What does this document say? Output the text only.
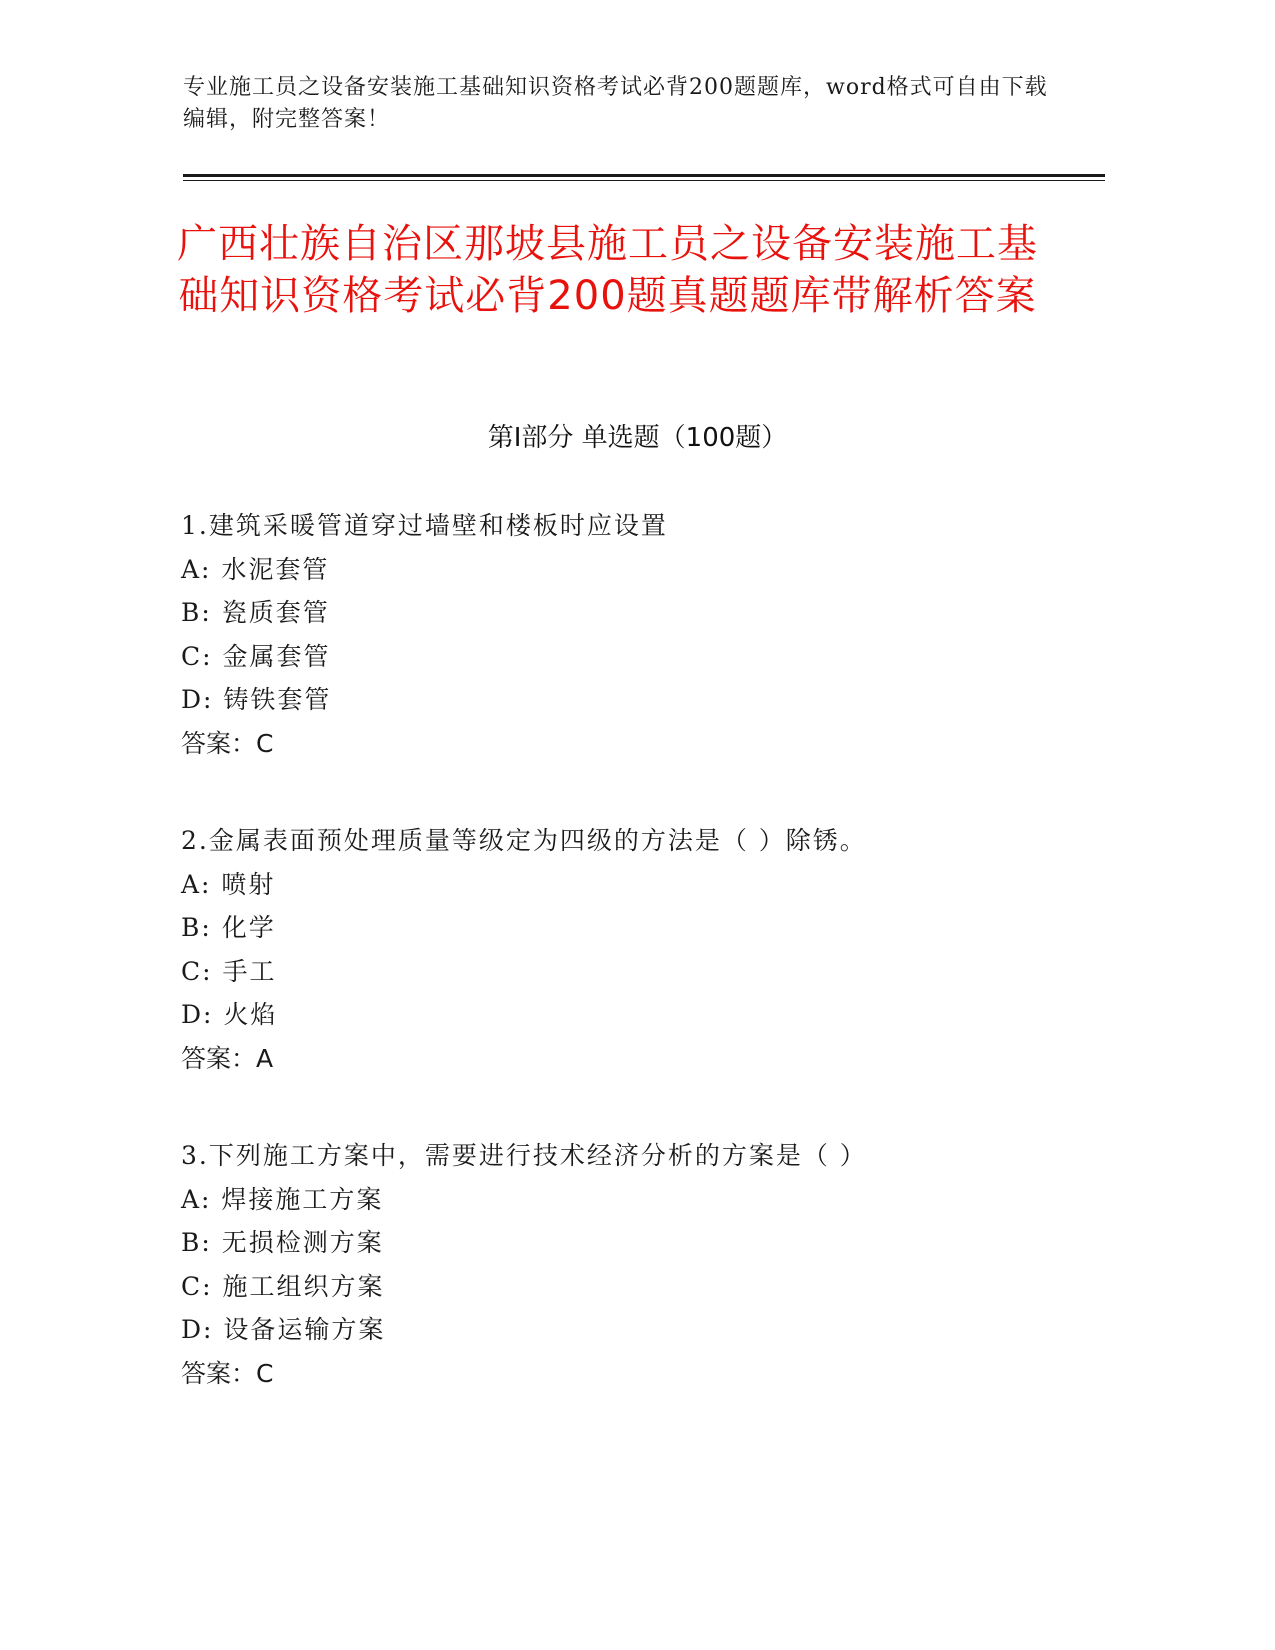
专业施工员之设备安装施工基础知识资格考试必背200题题库，word格式可自由下载编辑，附完整答案！
广西壮族自治区那坡县施工员之设备安装施工基础知识资格考试必背200题真题题库带解析答案
第Ⅰ部分 单选题（100题）
1.建筑采暖管道穿过墙壁和楼板时应设置
A: 水泥套管
B: 瓷质套管
C: 金属套管
D: 铸铁套管
答案：C
2.金属表面预处理质量等级定为四级的方法是（ ）除锈。
A: 喷射
B: 化学
C: 手工
D: 火焰
答案：A
3.下列施工方案中，需要进行技术经济分析的方案是（ ）
A: 焊接施工方案
B: 无损检测方案
C: 施工组织方案
D: 设备运输方案
答案：C
